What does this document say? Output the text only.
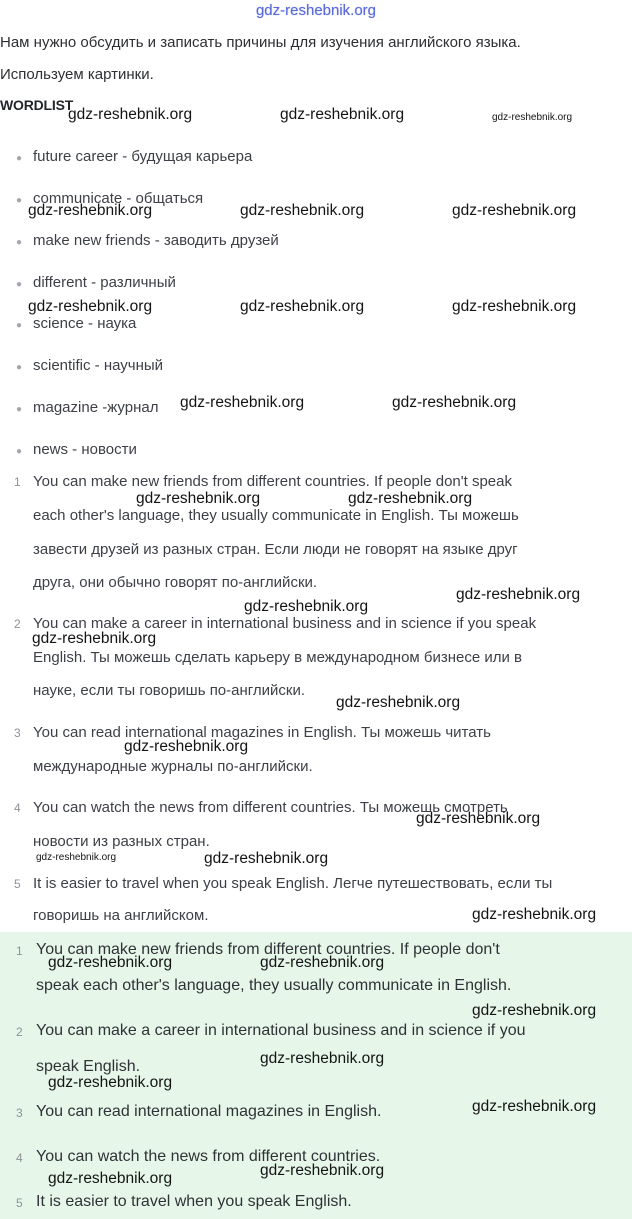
gdz-reshebnik.org
Нам нужно обсудить и записать причины для изучения английского языка.
Используем картинки.
WORDLIST
● future career - будущая карьера
● communicate - общаться
● make new friends - заводить друзей
● different - различный
● science - наука
● scientific - научный
● magazine -журнал
● news - новости
1 You can make new friends from different countries. If people don't speak
each other's language, they usually communicate in English. Ты можешь
завести друзей из разных стран. Если люди не говорят на языке друг
друга, они обычно говорят по-английски.
2 You can make a career in international business and in science if you speak
English. Ты можешь сделать карьеру в международном бизнесе или в
науке, если ты говоришь по-английски.
3 You can read international magazines in English. Ты можешь читать
международные журналы по-английски.
4 You can watch the news from different countries. Ты можешь смотреть
новости из разных стран.
5 It is easier to travel when you speak English. Легче путешествовать, если ты
говоришь на английском.
1 You can make new friends from different countries. If people don't
speak each other's language, they usually communicate in English.
2 You can make a career in international business and in science if you
speak English.
3 You can read international magazines in English.
4 You can watch the news from different countries.
5 It is easier to travel when you speak English.
gdz-reshebnik.org	gdz-reshebnik.org	gdz-reshebnik.org
gdz-reshebnik.org	gdz-reshebnik.org	gdz-reshebnik.org
gdz-reshebnik.org	gdz-reshebnik.org	gdz-reshebnik.org
gdz-reshebnik.org	gdz-reshebnik.org
gdz-reshebnik.org	gdz-reshebnik.org
gdz-reshebnik.org
gdz-reshebnik.org
gdz-reshebnik.org
gdz-reshebnik.org
gdz-reshebnik.org
gdz-reshebnik.org
gdz-reshebnik.org	gdz-reshebnik.org
gdz-reshebnik.org
gdz-reshebnik.org	gdz-reshebnik.org
gdz-reshebnik.org
gdz-reshebnik.org
gdz-reshebnik.org
gdz-reshebnik.org
gdz-reshebnik.org
gdz-reshebnik.org
